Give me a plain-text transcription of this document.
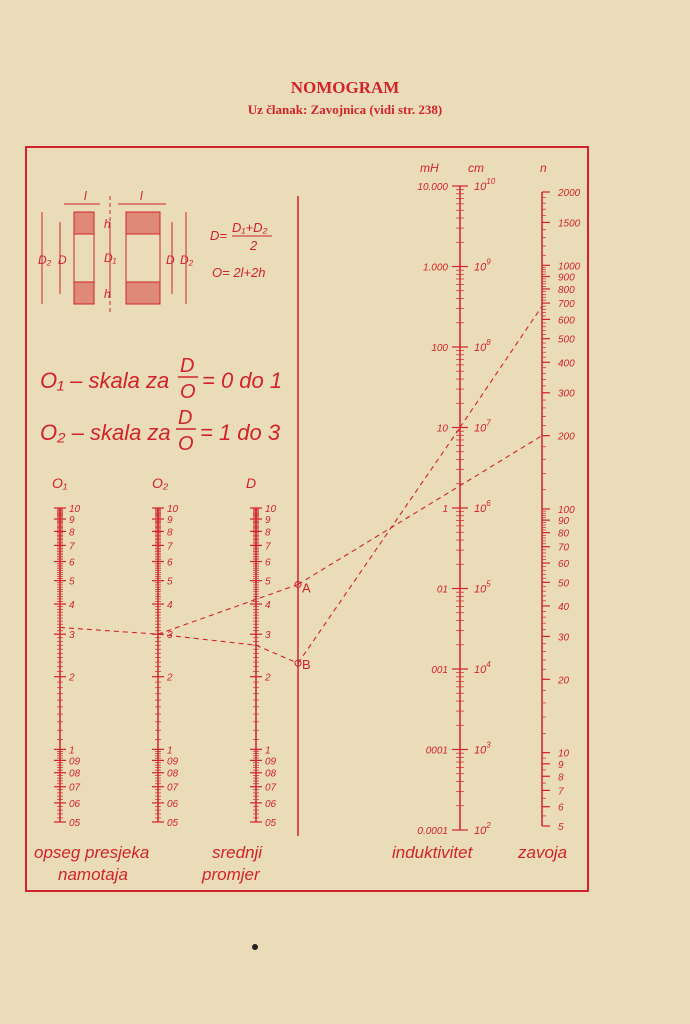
NOMOGRAM
Uz članak: Zavojnica (vidi str. 238)
l	l
h
h
D₂ D	D₁	D D₂
D=
D₁+D₂
2
O= 2l+2h
O₁ – skala za
D
O = 0 do 1
O₂ – skala za
D
O = 1 do 3
O₁	O₂	D
mH cm	n
10
9
8
7
6
5
4
3
2
1
09
08
07
06
05
10
9
8
7
6
5
4
3
2
1
09
08
07
06
05
10
9
8
7
6
5
4
3
2
1
09
08
07
06
05
10.000 $10^{10}$
1.000 $10^9$
100 $10^8$
10 $10^7$
1 $10^6$
01 $10^5$
001 $10^4$
0001 $10^3$
0.0001 $10^2$
2000
1500
1000
900
800
700
600
500
400
300
200
100
90
80
70
60
50
40
30
20
10
9
8
7
6
5
A
B
opseg presjeka
namotaja
srednji
promjer
induktivitet	zavoja
